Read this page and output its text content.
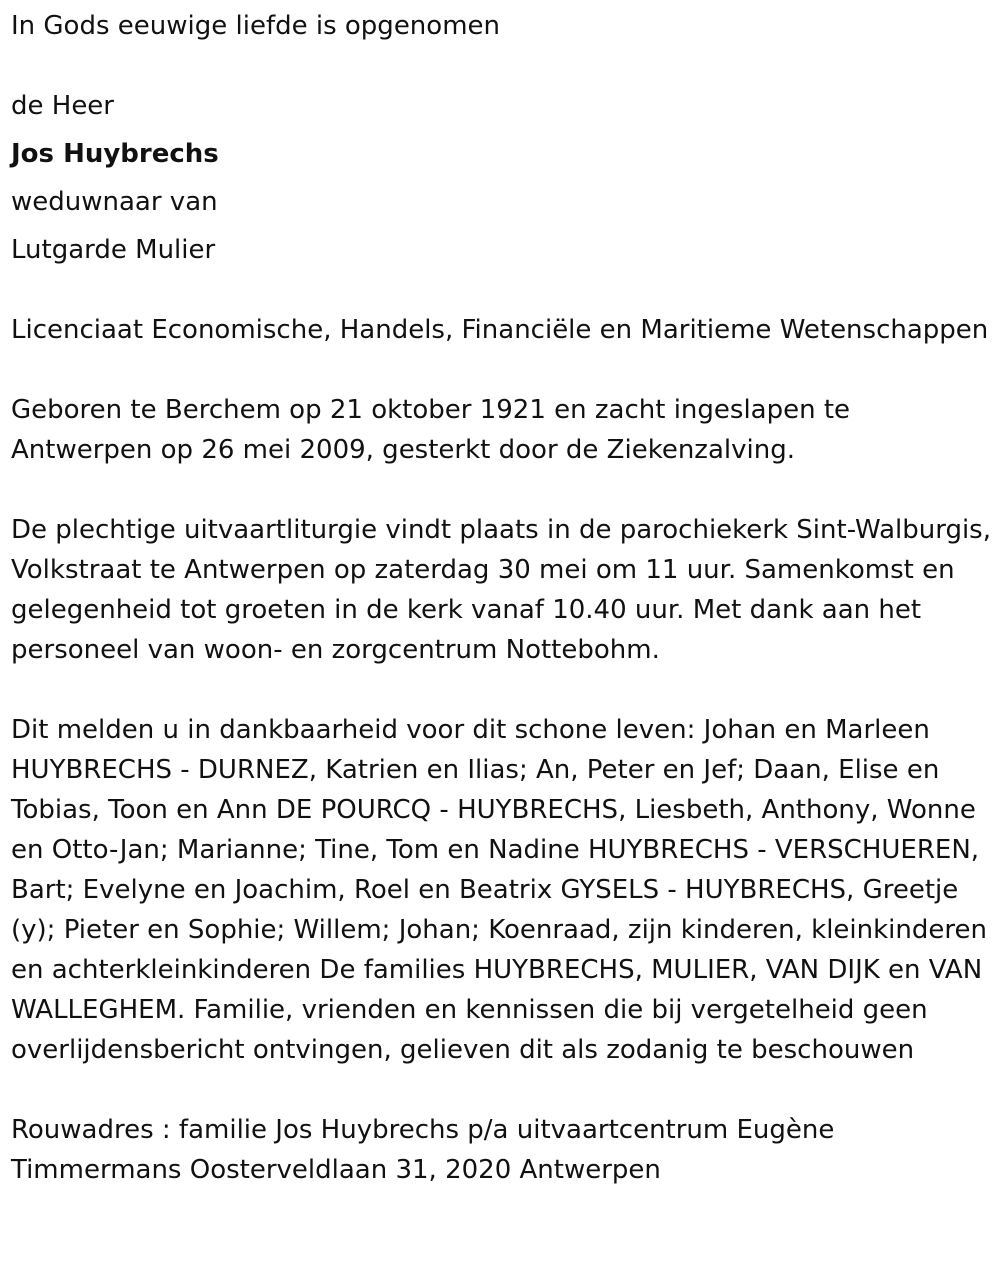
In Gods eeuwige liefde is opgenomen

de Heer

Jos Huybrechs

weduwnaar van

Lutgarde Mulier

Licenciaat Economische, Handels, Financiële en Maritieme Wetenschappen

Geboren te Berchem op 21 oktober 1921 en zacht ingeslapen te Antwerpen op 26 mei 2009, gesterkt door de Ziekenzalving.

De plechtige uitvaartliturgie vindt plaats in de parochiekerk Sint-Walburgis, Volkstraat te Antwerpen op zaterdag 30 mei om 11 uur. Samenkomst en gelegenheid tot groeten in de kerk vanaf 10.40 uur. Met dank aan het personeel van woon- en zorgcentrum Nottebohm.

Dit melden u in dankbaarheid voor dit schone leven: Johan en Marleen HUYBRECHS - DURNEZ, Katrien en Ilias; An, Peter en Jef; Daan, Elise en Tobias, Toon en Ann DE POURCQ - HUYBRECHS, Liesbeth, Anthony, Wonne en Otto-Jan; Marianne; Tine, Tom en Nadine HUYBRECHS - VERSCHUEREN, Bart; Evelyne en Joachim, Roel en Beatrix GYSELS - HUYBRECHS, Greetje (y); Pieter en Sophie; Willem; Johan; Koenraad, zijn kinderen, kleinkinderen en achterkleinkinderen De families HUYBRECHS, MULIER, VAN DIJK en VAN WALLEGHEM. Familie, vrienden en kennissen die bij vergetelheid geen overlijdensbericht ontvingen, gelieven dit als zodanig te beschouwen

Rouwadres : familie Jos Huybrechs p/a uitvaartcentrum Eugène Timmermans Oosterveldlaan 31, 2020 Antwerpen
